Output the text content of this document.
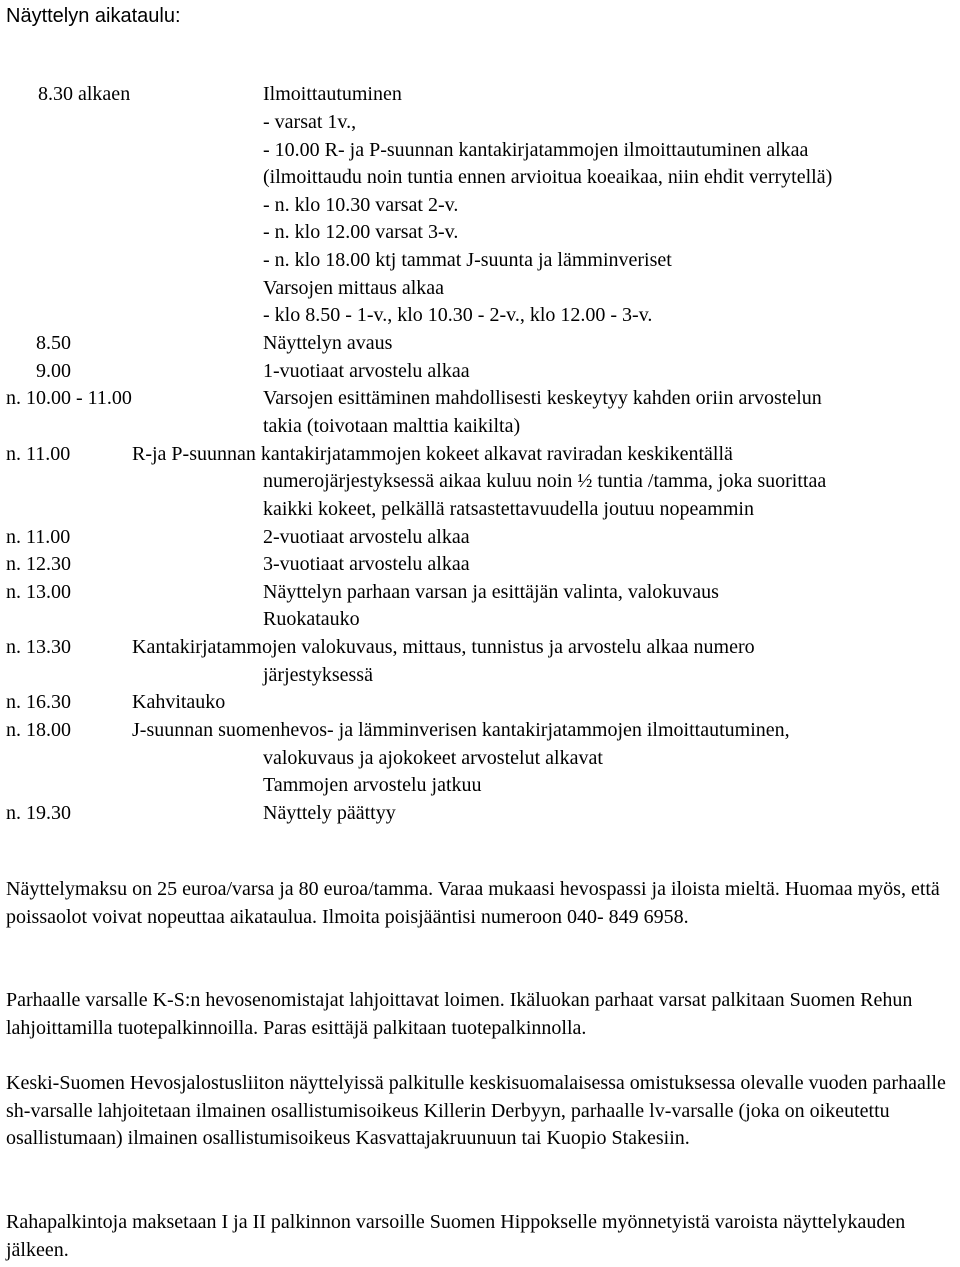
Näyttelyn aikataulu:
8.30 alkaen
8.50
9.00
n. 10.00 - 11.00
n. 11.00
n. 11.00
n. 12.30
n. 13.00
n. 13.30
n. 16.30
n. 18.00
n. 19.30
Ilmoittautuminen
- varsat 1v.,
- 10.00 R- ja P-suunnan kantakirjatammojen ilmoittautuminen alkaa
(ilmoittaudu noin tuntia ennen arvioitua koeaikaa, niin ehdit verrytellä)
- n. klo 10.30 varsat 2-v.
- n. klo 12.00 varsat 3-v.
- n. klo 18.00 ktj tammat J-suunta ja lämminveriset
Varsojen mittaus alkaa
- klo 8.50 - 1-v., klo 10.30 - 2-v., klo 12.00 - 3-v.
Näyttelyn avaus
1-vuotiaat arvostelu alkaa
Varsojen esittäminen mahdollisesti keskeytyy kahden oriin arvostelun
takia (toivotaan malttia kaikilta)
R-ja P-suunnan kantakirjatammojen kokeet alkavat raviradan keskikentällä
numerojärjestyksessä aikaa kuluu noin ½ tuntia /tamma, joka suorittaa
kaikki kokeet, pelkällä ratsastettavuudella joutuu nopeammin
2-vuotiaat arvostelu alkaa
3-vuotiaat arvostelu alkaa
Näyttelyn parhaan varsan ja esittäjän valinta, valokuvaus
Ruokatauko
Kantakirjatammojen valokuvaus, mittaus, tunnistus ja arvostelu alkaa numero
järjestyksessä
Kahvitauko
J-suunnan suomenhevos- ja lämminverisen kantakirjatammojen ilmoittautuminen,
valokuvaus ja ajokokeet arvostelut alkavat
Tammojen arvostelu jatkuu
Näyttely päättyy
Näyttelymaksu on 25 euroa/varsa ja 80 euroa/tamma. Varaa mukaasi hevospassi ja iloista mieltä. Huomaa myös, että poissaolot voivat nopeuttaa aikataulua. Ilmoita poisjääntisi numeroon 040- 849 6958.
Parhaalle varsalle K-S:n hevosenomistajat lahjoittavat loimen. Ikäluokan parhaat varsat palkitaan Suomen Rehun lahjoittamilla tuotepalkinnoilla. Paras esittäjä palkitaan tuotepalkinnolla.
Keski-Suomen Hevosjalostusliiton näyttelyissä palkitulle keskisuomalaisessa omistuksessa olevalle vuoden parhaalle sh-varsalle lahjoitetaan ilmainen osallistumisoikeus Killerin Derbyyn, parhaalle lv-varsalle (joka on oikeutettu osallistumaan) ilmainen osallistumisoikeus Kasvattajakruunuun tai Kuopio Stakesiin.
Rahapalkintoja maksetaan I ja II palkinnon varsoille Suomen Hippokselle myönnetyistä varoista näyttelykauden jälkeen.
